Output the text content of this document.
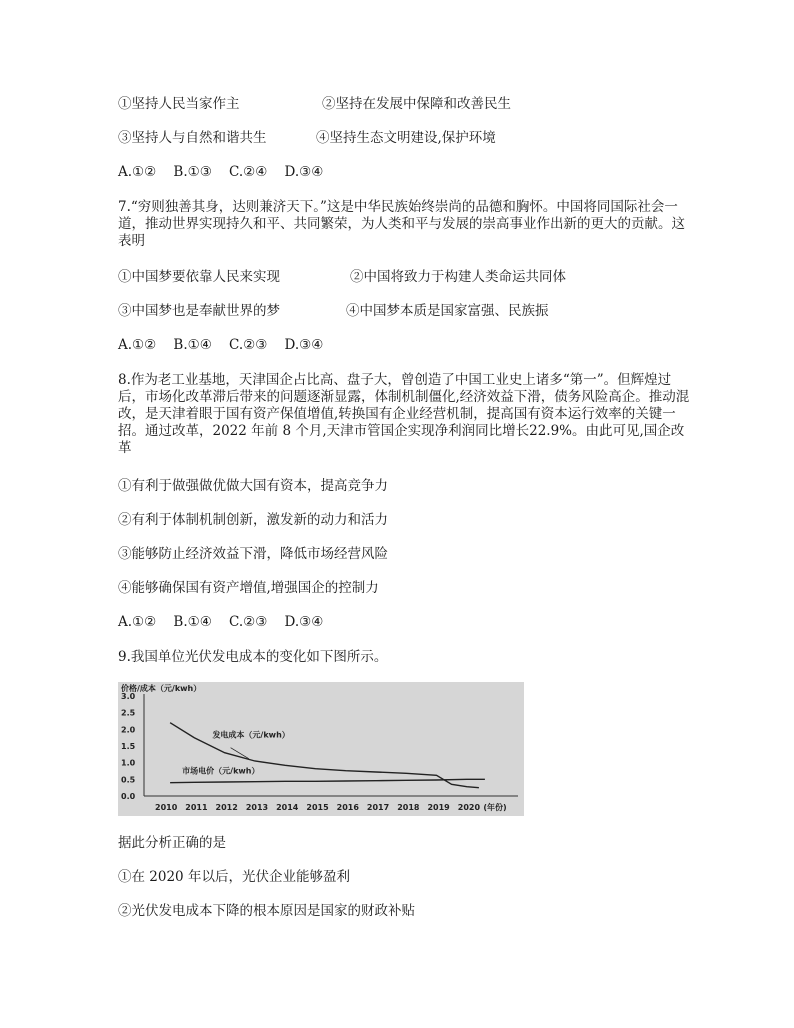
①坚持人民当家作主	②坚持在发展中保障和改善民生
③坚持人与自然和谐共生	④坚持生态文明建设,保护环境
A.①②    B.①③    C.②④    D.③④
7.“穷则独善其身，达则兼济天下。”这是中华民族始终崇尚的品德和胸怀。中国将同国际社会一道，推动世界实现持久和平、共同繁荣，为人类和平与发展的崇高事业作出新的更大的贡献。这表明
①中国梦要依靠人民来实现	②中国将致力于构建人类命运共同体
③中国梦也是奉献世界的梦	④中国梦本质是国家富强、民族振
A.①②    B.①④    C.②③    D.③④
8.作为老工业基地，天津国企占比高、盘子大，曾创造了中国工业史上诸多“第一”。但辉煌过后，市场化改革滞后带来的问题逐渐显露，体制机制僵化,经济效益下滑，债务风险高企。推动混改，是天津着眼于国有资产保值增值,转换国有企业经营机制，提高国有资本运行效率的关键一招。通过改革，2022 年前 8 个月,天津市管国企实现净利润同比增长22.9%。由此可见,国企改革
①有利于做强做优做大国有资本，提高竞争力
②有利于体制机制创新，激发新的动力和活力
③能够防止经济效益下滑，降低市场经营风险
④能够确保国有资产增值,增强国企的控制力
A.①②    B.①④    C.②③    D.③④
9.我国单位光伏发电成本的变化如下图所示。
0.0
0.5
1.0
1.5
2.0
2.5
3.0
2010 2011 2012 2013 2014 2015 2016 2017 2018 2019 2020 (年份)
价格/成本（元/kwh）
发电成本（元/kwh）
市场电价（元/kwh）
据此分析正确的是
①在 2020 年以后，光伏企业能够盈利
②光伏发电成本下降的根本原因是国家的财政补贴
